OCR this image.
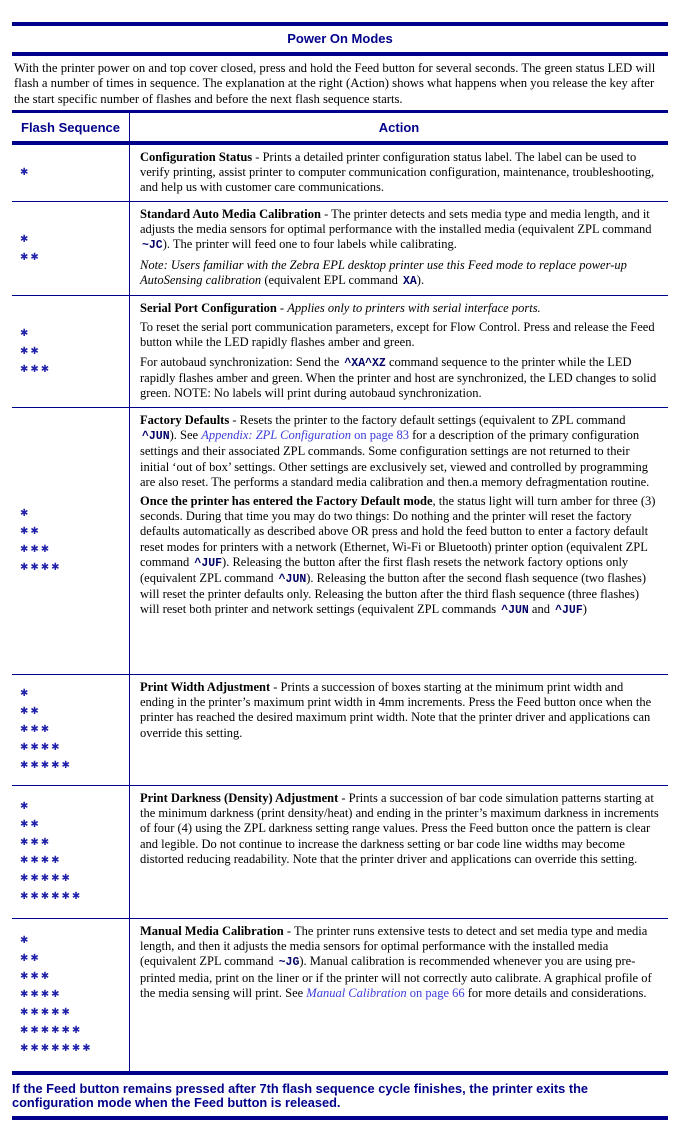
Power On Modes
With the printer power on and top cover closed, press and hold the Feed button for several seconds. The green status LED will flash a number of times in sequence. The explanation at the right (Action) shows what happens when you release the key after the start specific number of flashes and before the next flash sequence starts.
Flash Sequence	Action
✱

Configuration Status - Prints a detailed printer configuration status label. The label can be used to verify printing, assist printer to computer communication configuration, maintenance, troubleshooting, and help us with customer care communications.

✱
✱✱

Standard Auto Media Calibration - The printer detects and sets media type and media length, and it adjusts the media sensors for optimal performance with the installed media (equivalent ZPL command ~JC). The printer will feed one to four labels while calibrating.

Note: Users familiar with the Zebra EPL desktop printer use this Feed mode to replace power-up AutoSensing calibration (equivalent EPL command XA).

✱
✱✱
✱✱✱

Serial Port Configuration - Applies only to printers with serial interface ports.

To reset the serial port communication parameters, except for Flow Control. Press and release the Feed button while the LED rapidly flashes amber and green.

For autobaud synchronization: Send the ^XA^XZ command sequence to the printer while the LED rapidly flashes amber and green. When the printer and host are synchronized, the LED changes to solid green. NOTE: No labels will print during autobaud synchronization.

✱
✱✱
✱✱✱
✱✱✱✱

Factory Defaults - Resets the printer to the factory default settings (equivalent to ZPL command ^JUN). See Appendix: ZPL Configuration on page 83 for a description of the primary configuration settings and their associated ZPL commands. Some configuration settings are not returned to their initial ‘out of box’ settings. Other settings are exclusively set, viewed and controlled by programming are also reset. The performs a standard media calibration and then.a memory defragmentation routine.

Once the printer has entered the Factory Default mode, the status light will turn amber for three (3) seconds. During that time you may do two things: Do nothing and the printer will reset the factory defaults automatically as described above OR press and hold the feed button to enter a factory default reset modes for printers with a network (Ethernet, Wi-Fi or Bluetooth) printer option (equivalent ZPL command ^JUF). Releasing the button after the first flash resets the network factory options only (equivalent ZPL command ^JUN). Releasing the button after the second flash sequence (two flashes) will reset the printer defaults only. Releasing the button after the third flash sequence (three flashes) will reset both printer and network settings (equivalent ZPL commands ^JUN and ^JUF)

✱
✱✱
✱✱✱
✱✱✱✱
✱✱✱✱✱

Print Width Adjustment - Prints a succession of boxes starting at the minimum print width and ending in the printer’s maximum print width in 4mm increments. Press the Feed button once when the printer has reached the desired maximum print width. Note that the printer driver and applications can override this setting.

✱
✱✱
✱✱✱
✱✱✱✱
✱✱✱✱✱
✱✱✱✱✱✱

Print Darkness (Density) Adjustment - Prints a succession of bar code simulation patterns starting at the minimum darkness (print density/heat) and ending in the printer’s maximum darkness in increments of four (4) using the ZPL darkness setting range values. Press the Feed button once the pattern is clear and legible. Do not continue to increase the darkness setting or bar code line widths may become distorted reducing readability. Note that the printer driver and applications can override this setting.

✱
✱✱
✱✱✱
✱✱✱✱
✱✱✱✱✱
✱✱✱✱✱✱
✱✱✱✱✱✱✱

Manual Media Calibration - The printer runs extensive tests to detect and set media type and media length, and then it adjusts the media sensors for optimal performance with the installed media (equivalent ZPL command ~JG). Manual calibration is recommended whenever you are using pre-printed media, print on the liner or if the printer will not correctly auto calibrate. A graphical profile of the media sensing will print. See Manual Calibration on page 66 for more details and considerations.

If the Feed button remains pressed after 7th flash sequence cycle finishes, the printer exits the configuration mode when the Feed button is released.
